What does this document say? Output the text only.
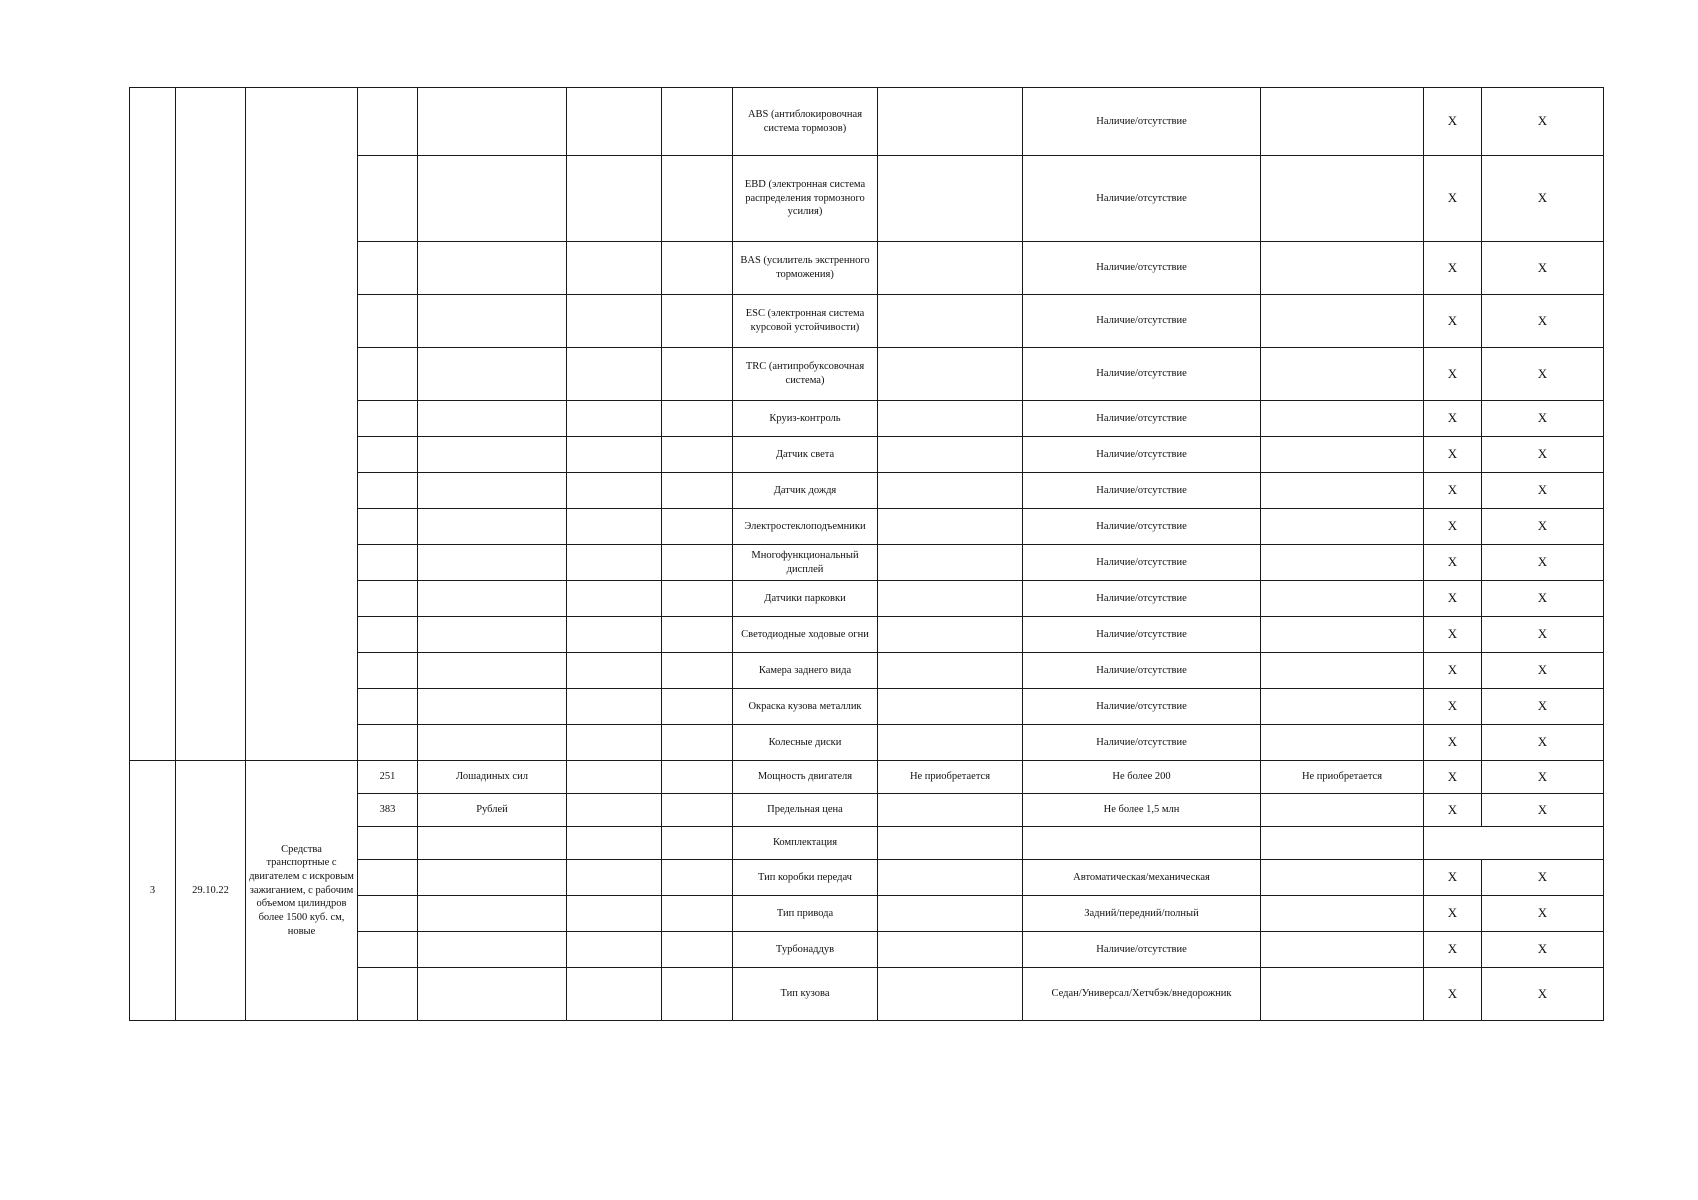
							ABS (антиблокировочная система тормозов)		Наличие/отсутствие		X	X
							EBD (электронная система распределения тормозного усилия)		Наличие/отсутствие		X	X
							BAS (усилитель экстренного торможения)		Наличие/отсутствие		X	X
							ESC (электронная система курсовой устойчивости)		Наличие/отсутствие		X	X
							TRC (антипробуксовочная система)		Наличие/отсутствие		X	X
							Круиз-контроль		Наличие/отсутствие		X	X
							Датчик света		Наличие/отсутствие		X	X
							Датчик дождя		Наличие/отсутствие		X	X
							Электростеклоподъемники		Наличие/отсутствие		X	X
							Многофункциональный дисплей		Наличие/отсутствие		X	X
							Датчики парковки		Наличие/отсутствие		X	X
							Светодиодные ходовые огни		Наличие/отсутствие		X	X
							Камера заднего вида		Наличие/отсутствие		X	X
							Окраска кузова металлик		Наличие/отсутствие		X	X
							Колесные диски		Наличие/отсутствие		X	X
3	29.10.22	Средства транспортные с двигателем с искровым зажиганием, с рабочим объемом цилиндров более 1500 куб. см, новые	251	Лошадиных сил			Мощность двигателя	Не приобретается	Не более 200	Не приобретается	X	X
			383	Рублей			Предельная цена		Не более 1,5 млн		X	X
							Комплектация					
							Тип коробки передач		Автоматическая/механическая		X	X
							Тип привода		Задний/передний/полный		X	X
							Турбонаддув		Наличие/отсутствие		X	X
							Тип кузова		Седан/Универсал/Хетчбэк/внедорожник		X	X
